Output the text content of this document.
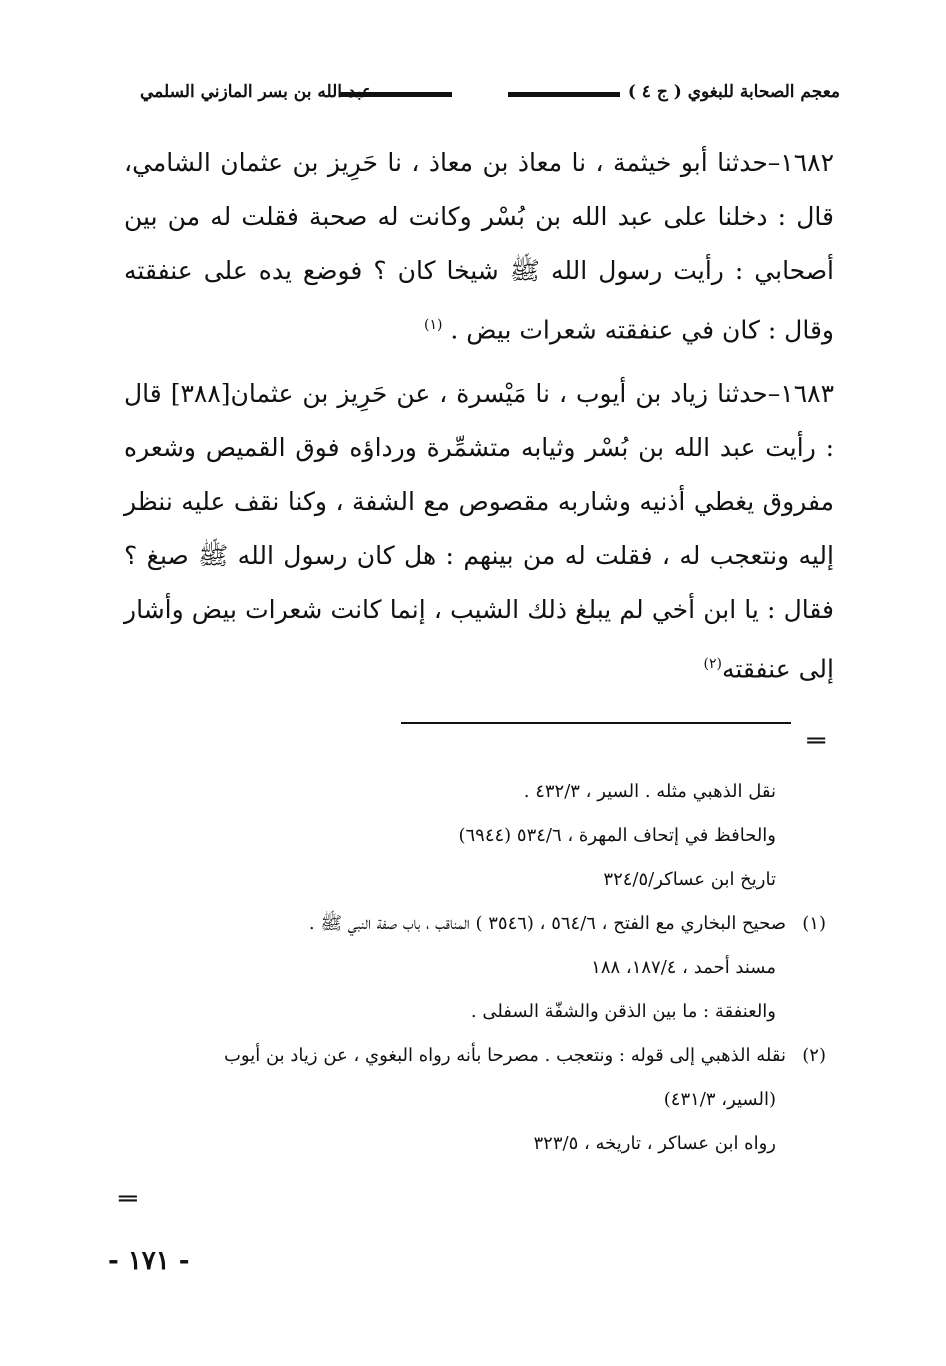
معجم الصحابة للبغوي ( ج ٤ )
عبد الله بن بسر المازني السلمي

١٦٨٢–حدثنا أبو خيثمة ، نا معاذ بن معاذ ، نا حَرِيز بن عثمان الشامي، قال : دخلنا على عبد الله بن بُسْر وكانت له صحبة فقلت له من بين أصحابي : رأيت رسول الله ﷺ شيخا كان ؟ فوضع يده على عنفقته وقال : كان في عنفقته شعرات بيض . $^{(١)}$

١٦٨٣–حدثنا زياد بن أيوب ، نا مَيْسرة ، عن حَرِيز بن عثمان[٣٨٨] قال : رأيت عبد الله بن بُسْر وثيابه متشمِّرة ورداؤه فوق القميص وشعره مفروق يغطي أذنيه وشاربه مقصوص مع الشفة ، وكنا نقف عليه ننظر إليه ونتعجب له ، فقلت له من بينهم : هل كان رسول الله ﷺ صبغ ؟ فقال : يا ابن أخي لم يبلغ ذلك الشيب ، إنما كانت شعرات بيض وأشار إلى عنفقته$^{(٢)}$

==
نقل الذهبي مثله . السير ، ٤٣٢/٣ .
والحافظ في إتحاف المهرة ، ٥٣٤/٦ (٦٩٤٤)
تاريخ ابن عساكر/٣٢٤/٥
(١)صحيح البخاري مع الفتح ، ٥٦٤/٦ ، (٣٥٤٦ ) المناقب ، باب صفة النبي ﷺ .
مسند أحمد ، ١٨٧/٤، ١٨٨
والعنفقة : ما بين الذقن والشفّة السفلى .
(٢)نقله الذهبي إلى قوله : ونتعجب . مصرحا بأنه رواه البغوي ، عن زياد بن أيوب
(السير، ٤٣١/٣)
رواه ابن عساكر ، تاريخه ، ٣٢٣/٥
==
- ١٧١ -
